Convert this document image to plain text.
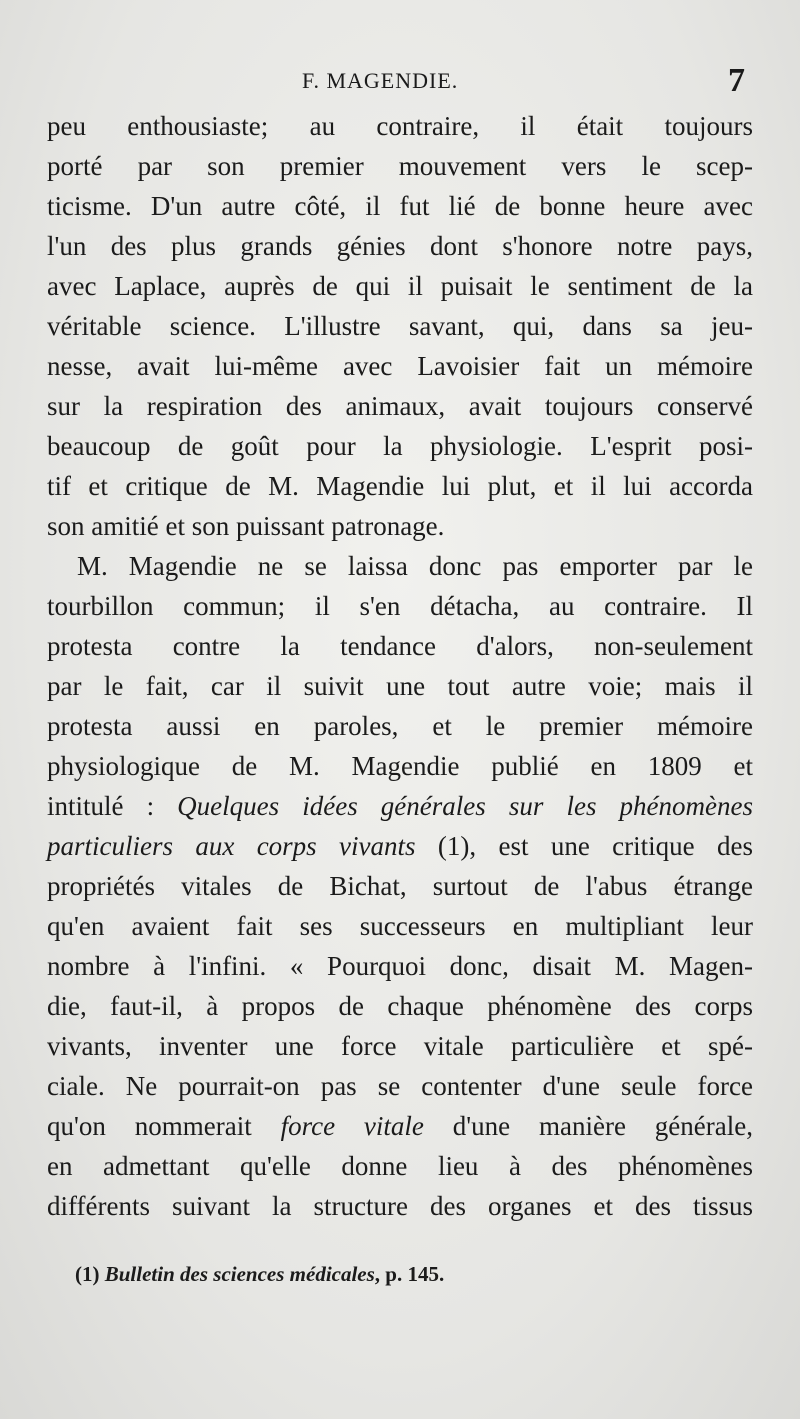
F. MAGENDIE.	7
peu enthousiaste; au contraire, il était toujours
porté par son premier mouvement vers le scep-
ticisme. D'un autre côté, il fut lié de bonne heure avec
l'un des plus grands génies dont s'honore notre pays,
avec Laplace, auprès de qui il puisait le sentiment de la
véritable science. L'illustre savant, qui, dans sa jeu-
nesse, avait lui-même avec Lavoisier fait un mémoire
sur la respiration des animaux, avait toujours conservé
beaucoup de goût pour la physiologie. L'esprit posi-
tif et critique de M. Magendie lui plut, et il lui accorda
son amitié et son puissant patronage.
M. Magendie ne se laissa donc pas emporter par le
tourbillon commun; il s'en détacha, au contraire. Il
protesta contre la tendance d'alors, non-seulement
par le fait, car il suivit une tout autre voie; mais il
protesta aussi en paroles, et le premier mémoire
physiologique de M. Magendie publié en 1809 et
intitulé : Quelques idées générales sur les phénomènes
particuliers aux corps vivants (1), est une critique des
propriétés vitales de Bichat, surtout de l'abus étrange
qu'en avaient fait ses successeurs en multipliant leur
nombre à l'infini. « Pourquoi donc, disait M. Magen-
die, faut-il, à propos de chaque phénomène des corps
vivants, inventer une force vitale particulière et spé-
ciale. Ne pourrait-on pas se contenter d'une seule force
qu'on nommerait force vitale d'une manière générale,
en admettant qu'elle donne lieu à des phénomènes
différents suivant la structure des organes et des tissus
(1) Bulletin des sciences médicales, p. 145.
